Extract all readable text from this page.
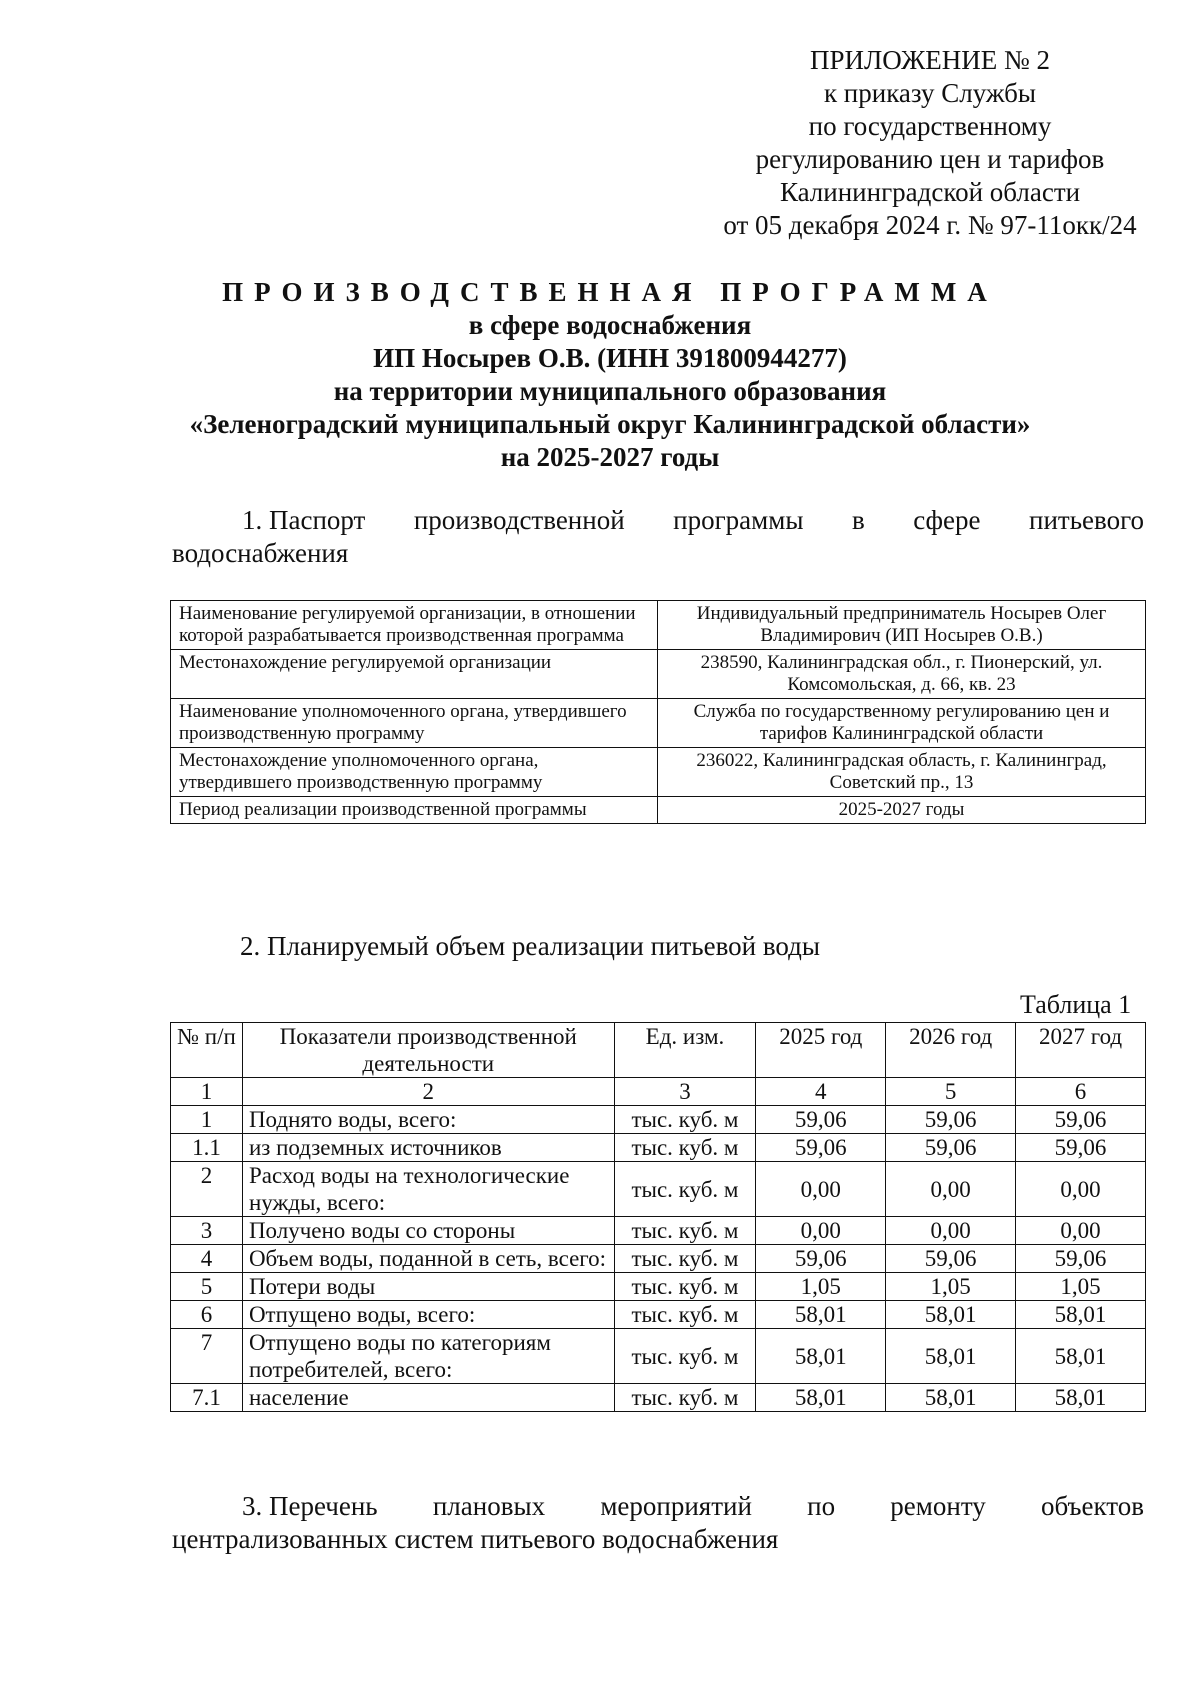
ПРИЛОЖЕНИЕ № 2
к приказу Службы
по государственному
регулированию цен и тарифов
Калининградской области
от 05 декабря 2024 г. № 97-11окк/24
ПРОИЗВОДСТВЕННАЯ ПРОГРАММА
в сфере водоснабжения
ИП Носырев О.В. (ИНН 391800944277)
на территории муниципального образования
«Зеленоградский муниципальный округ Калининградской области»
на 2025-2027 годы
1. Паспорт производственной программы в сфере питьевого
водоснабжения
Наименование регулируемой организации, в отношении которой разрабатывается производственная программа	Индивидуальный предприниматель Носырев Олег Владимирович (ИП Носырев О.В.)
Местонахождение регулируемой организации	238590, Калининградская обл., г. Пионерский, ул. Комсомольская, д. 66, кв. 23
Наименование уполномоченного органа, утвердившего производственную программу	Служба по государственному регулированию цен и тарифов Калининградской области
Местонахождение уполномоченного органа, утвердившего производственную программу	236022, Калининградская область, г. Калининград, Советский пр., 13
Период реализации производственной программы	2025-2027 годы
2. Планируемый объем реализации питьевой воды
Таблица 1
№ п/п	Показатели производственной деятельности	Ед. изм.	2025 год	2026 год	2027 год
1	2	3	4	5	6
1	Поднято воды, всего:	тыс. куб. м	59,06	59,06	59,06
1.1	из подземных источников	тыс. куб. м	59,06	59,06	59,06
2	Расход воды на технологические нужды, всего:	тыс. куб. м	0,00	0,00	0,00
3	Получено воды со стороны	тыс. куб. м	0,00	0,00	0,00
4	Объем воды, поданной в сеть, всего:	тыс. куб. м	59,06	59,06	59,06
5	Потери воды	тыс. куб. м	1,05	1,05	1,05
6	Отпущено воды, всего:	тыс. куб. м	58,01	58,01	58,01
7	Отпущено воды по категориям потребителей, всего:	тыс. куб. м	58,01	58,01	58,01
7.1	население	тыс. куб. м	58,01	58,01	58,01
3. Перечень плановых мероприятий по ремонту объектов
централизованных систем питьевого водоснабжения
